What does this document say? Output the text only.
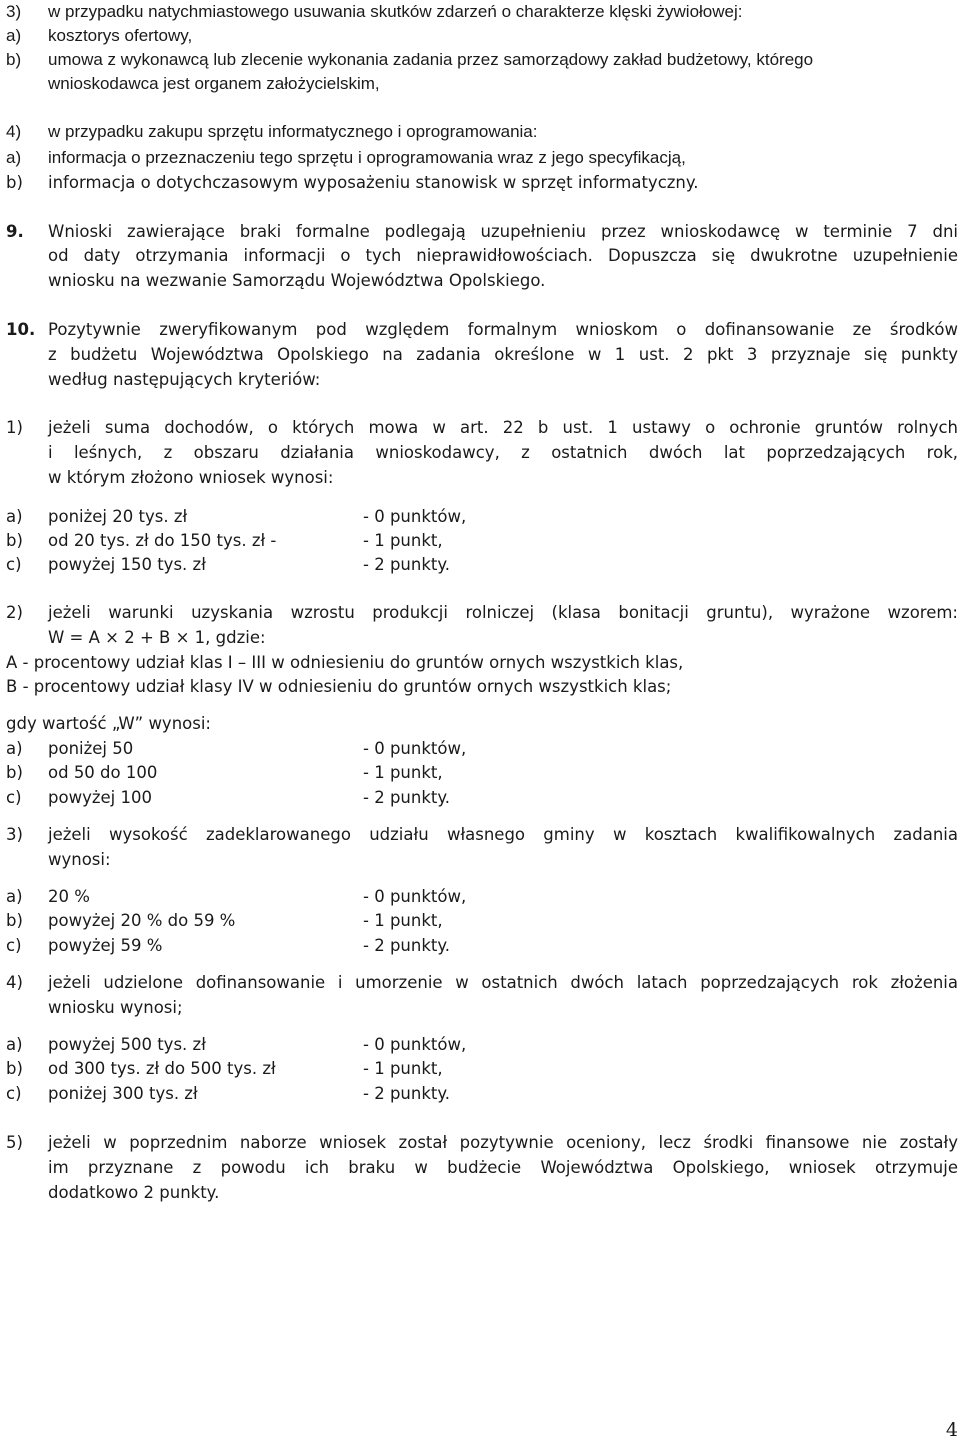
3) w przypadku natychmiastowego usuwania skutków zdarzeń o charakterze klęski żywiołowej:
a) kosztorys ofertowy,
b) umowa z wykonawcą lub zlecenie wykonania zadania przez samorządowy zakład budżetowy, którego
wnioskodawca jest organem założycielskim,
4) w przypadku zakupu sprzętu informatycznego i oprogramowania:
a) informacja o przeznaczeniu tego sprzętu i oprogramowania wraz z jego specyfikacją,
b) informacja o dotychczasowym wyposażeniu stanowisk w sprzęt informatyczny.
9. Wnioski zawierające braki formalne podlegają uzupełnieniu przez wnioskodawcę w terminie 7 dni
od daty otrzymania informacji o tych nieprawidłowościach. Dopuszcza się dwukrotne uzupełnienie
wniosku na wezwanie Samorządu Województwa Opolskiego.
10. Pozytywnie zweryfikowanym pod względem formalnym wnioskom o dofinansowanie ze środków
z budżetu Województwa Opolskiego na zadania określone w 1 ust. 2 pkt 3 przyznaje się punkty
według następujących kryteriów:
1) jeżeli suma dochodów, o których mowa w art. 22 b ust. 1 ustawy o ochronie gruntów rolnych
i leśnych, z obszaru działania wnioskodawcy, z ostatnich dwóch lat poprzedzających rok,
w którym złożono wniosek wynosi:
a) poniżej 20 tys. zł	- 0 punktów,
b) od 20 tys. zł do 150 tys. zł -	- 1 punkt,
c) powyżej 150 tys. zł	- 2 punkty.
2) jeżeli warunki uzyskania wzrostu produkcji rolniczej (klasa bonitacji gruntu), wyrażone wzorem:
W = A × 2 + B × 1, gdzie:
A - procentowy udział klas I – III w odniesieniu do gruntów ornych wszystkich klas,
B - procentowy udział klasy IV w odniesieniu do gruntów ornych wszystkich klas;
gdy wartość „W” wynosi:
a) poniżej 50	- 0 punktów,
b) od 50 do 100	- 1 punkt,
c) powyżej 100	- 2 punkty.
3) jeżeli wysokość zadeklarowanego udziału własnego gminy w kosztach kwalifikowalnych zadania
wynosi:
a) 20 %	- 0 punktów,
b) powyżej 20 % do 59 %	- 1 punkt,
c) powyżej 59 %	- 2 punkty.
4) jeżeli udzielone dofinansowanie i umorzenie w ostatnich dwóch latach poprzedzających rok złożenia
wniosku wynosi;
a) powyżej 500 tys. zł	- 0 punktów,
b) od 300 tys. zł do 500 tys. zł	- 1 punkt,
c) poniżej 300 tys. zł	- 2 punkty.
5) jeżeli w poprzednim naborze wniosek został pozytywnie oceniony, lecz środki finansowe nie zostały
im przyznane z powodu ich braku w budżecie Województwa Opolskiego, wniosek otrzymuje
dodatkowo 2 punkty.
4
